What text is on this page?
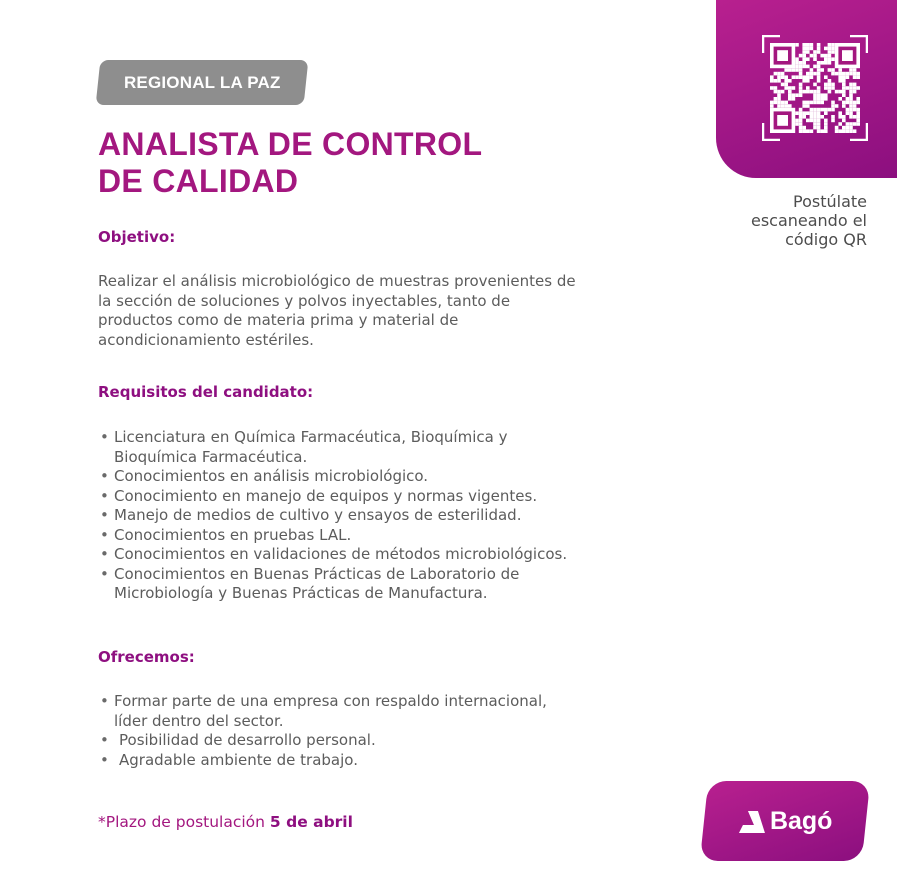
REGIONAL LA PAZ
ANALISTA DE CONTROL
DE CALIDAD
Objetivo:

Realizar el análisis microbiológico de muestras provenientes de
la sección de soluciones y polvos inyectables, tanto de
productos como de materia prima y material de
acondicionamiento estériles.

Requisitos del candidato:
• Licenciatura en Química Farmacéutica, Bioquímica y
Bioquímica Farmacéutica.
• Conocimientos en análisis microbiológico.
• Conocimiento en manejo de equipos y normas vigentes.
• Manejo de medios de cultivo y ensayos de esterilidad.
• Conocimientos en pruebas LAL.
• Conocimientos en validaciones de métodos microbiológicos.
• Conocimientos en Buenas Prácticas de Laboratorio de
Microbiología y Buenas Prácticas de Manufactura.
Ofrecemos:
• Formar parte de una empresa con respaldo internacional,
líder dentro del sector.
• Posibilidad de desarrollo personal.
• Agradable ambiente de trabajo.

*Plazo de postulación 5 de abril

Postúlate
escaneando el
código QR

Bagó
